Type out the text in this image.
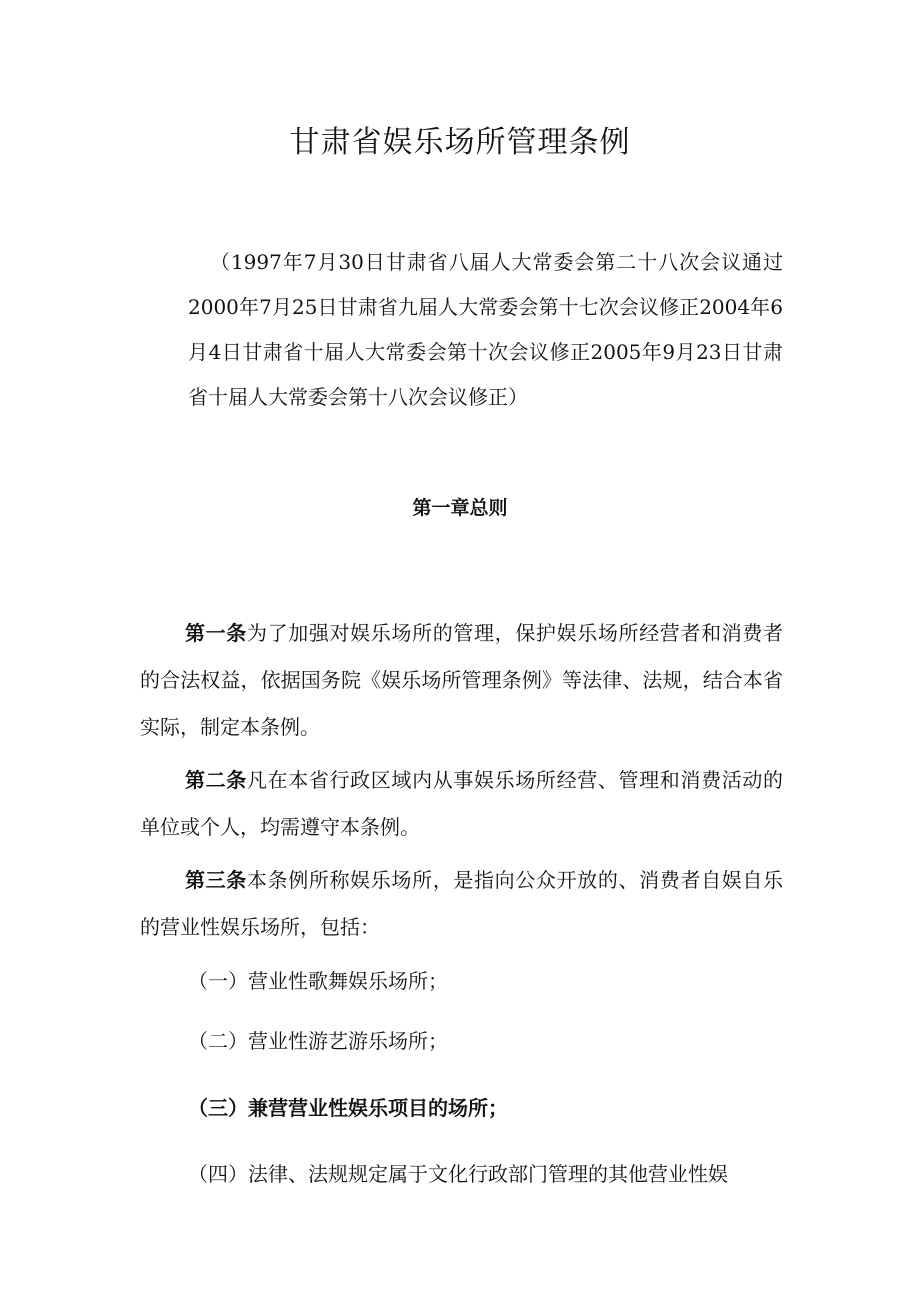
甘肃省娱乐场所管理条例

（1997年7月30日甘肃省八届人大常委会第二十八次会议通过2000年7月25日甘肃省九届人大常委会第十七次会议修正2004年6月4日甘肃省十届人大常委会第十次会议修正2005年9月23日甘肃省十届人大常委会第十八次会议修正）

第一章总则

第一条为了加强对娱乐场所的管理，保护娱乐场所经营者和消费者的合法权益，依据国务院《娱乐场所管理条例》等法律、法规，结合本省实际，制定本条例。

第二条凡在本省行政区域内从事娱乐场所经营、管理和消费活动的单位或个人，均需遵守本条例。

第三条本条例所称娱乐场所，是指向公众开放的、消费者自娱自乐的营业性娱乐场所，包括：

（一）营业性歌舞娱乐场所；

（二）营业性游艺游乐场所；

（三）兼营营业性娱乐项目的场所；

（四）法律、法规规定属于文化行政部门管理的其他营业性娱
